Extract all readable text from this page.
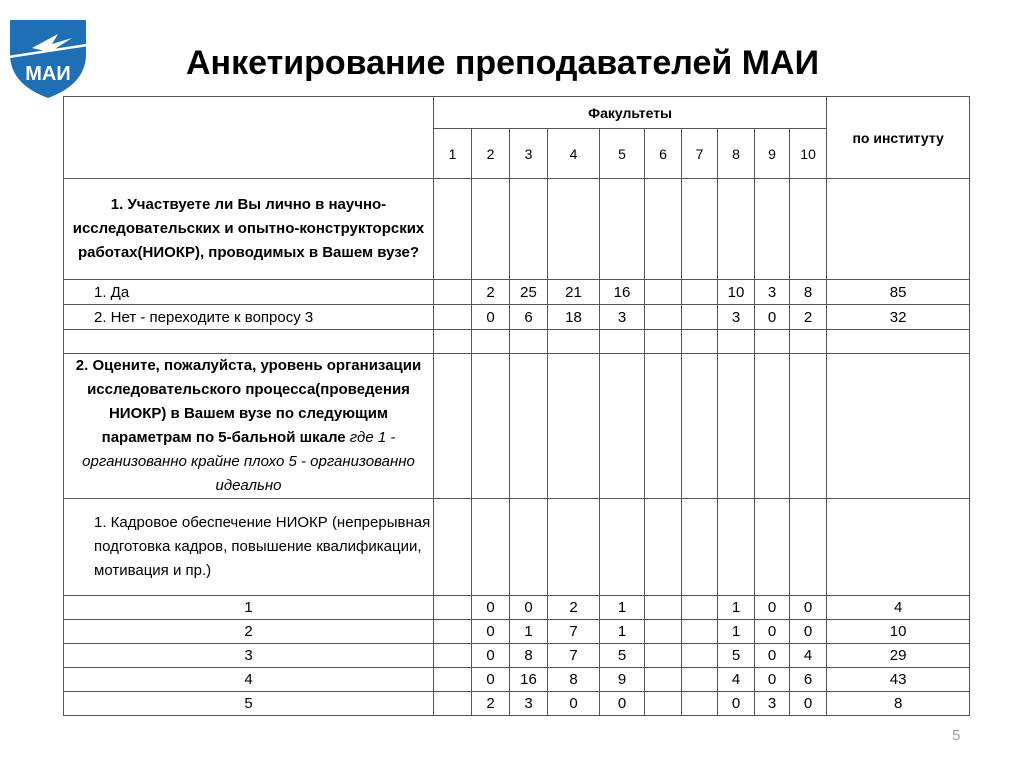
МАИ	Анкетирование преподавателей МАИ
	Факультеты										по институту
	1	2	3	4	5	6	7	8	9	10	
1. Участвуете ли Вы лично в научно-исследовательских и опытно-конструкторских работах(НИОКР), проводимых в Вашем вузе?											
1. Да		2	25	21	16			10	3	8	85
2. Нет - переходите к вопросу 3		0	6	18	3			3	0	2	32

2. Оцените, пожалуйста, уровень организации исследовательского процесса(проведения НИОКР) в Вашем вузе по следующим параметрам по 5-бальной шкале где 1 - организованно крайне плохо 5 - организованно идеально											
1. Кадровое обеспечение НИОКР (непрерывная подготовка кадров, повышение квалификации, мотивация и пр.)											
1		0	0	2	1			1	0	0	4
2		0	1	7	1			1	0	0	10
3		0	8	7	5			5	0	4	29
4		0	16	8	9			4	0	6	43
5		2	3	0	0			0	3	0	8
5
